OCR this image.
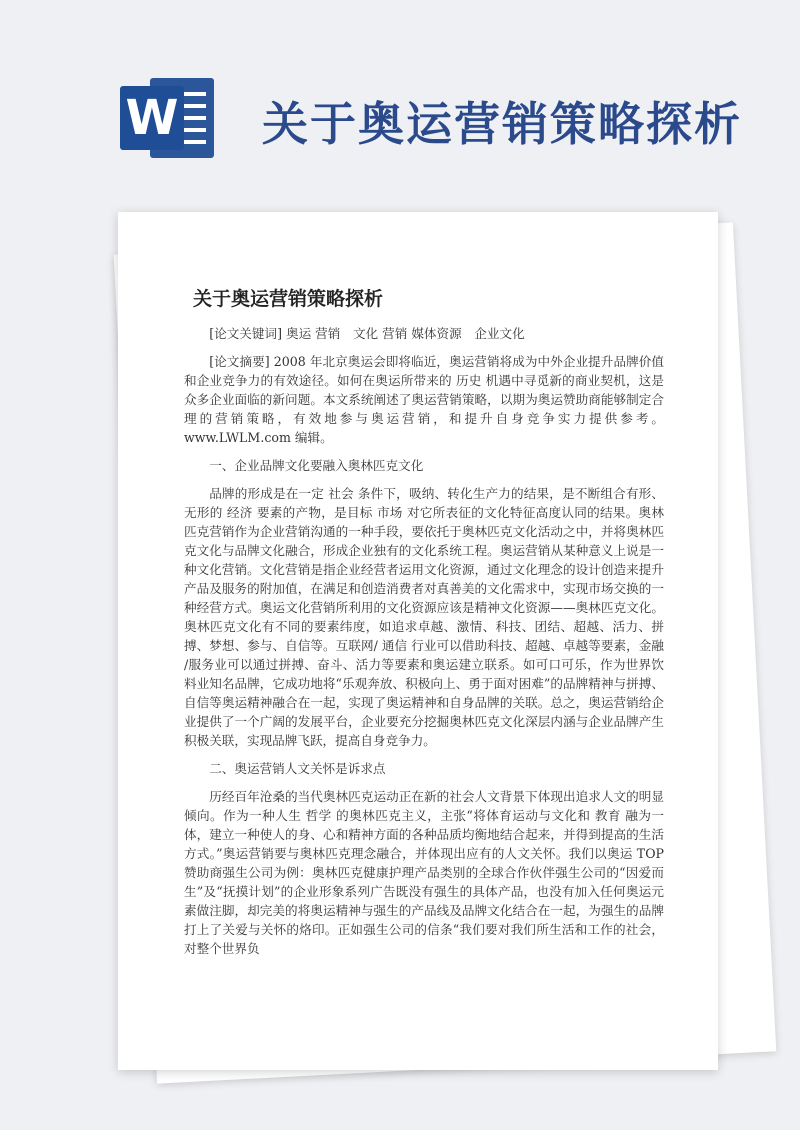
W 关于奥运营销策略探析
关于奥运营销策略探析

[论文关键词] 奥运 营销　文化 营销 媒体资源　企业文化

[论文摘要] 2008 年北京奥运会即将临近，奥运营销将成为中外企业提升品牌价值和企业竞争力的有效途径。如何在奥运所带来的 历史 机遇中寻觅新的商业契机，这是众多企业面临的新问题。本文系统阐述了奥运营销策略，以期为奥运赞助商能够制定合理的营销策略，有效地参与奥运营销，和提升自身竞争实力提供参考。 www.LWLM.com 编辑。

一、企业品牌文化要融入奥林匹克文化

品牌的形成是在一定 社会 条件下，吸纳、转化生产力的结果，是不断组合有形、无形的 经济 要素的产物，是目标 市场 对它所表征的文化特征高度认同的结果。奥林匹克营销作为企业营销沟通的一种手段，要依托于奥林匹克文化活动之中，并将奥林匹克文化与品牌文化融合，形成企业独有的文化系统工程。奥运营销从某种意义上说是一种文化营销。文化营销是指企业经营者运用文化资源，通过文化理念的设计创造来提升产品及服务的附加值，在满足和创造消费者对真善美的文化需求中，实现市场交换的一种经营方式。奥运文化营销所利用的文化资源应该是精神文化资源——奥林匹克文化。奥林匹克文化有不同的要素纬度，如追求卓越、激情、科技、团结、超越、活力、拼搏、梦想、参与、自信等。互联网/ 通信 行业可以借助科技、超越、卓越等要素，金融 /服务业可以通过拼搏、奋斗、活力等要素和奥运建立联系。如可口可乐，作为世界饮料业知名品牌，它成功地将“乐观奔放、积极向上、勇于面对困难”的品牌精神与拼搏、自信等奥运精神融合在一起，实现了奥运精神和自身品牌的关联。总之，奥运营销给企业提供了一个广阔的发展平台，企业要充分挖掘奥林匹克文化深层内涵与企业品牌产生积极关联，实现品牌飞跃，提高自身竞争力。

二、奥运营销人文关怀是诉求点

历经百年沧桑的当代奥林匹克运动正在新的社会人文背景下体现出追求人文的明显倾向。作为一种人生 哲学 的奥林匹克主义，主张“将体育运动与文化和 教育 融为一体，建立一种使人的身、心和精神方面的各种品质均衡地结合起来，并得到提高的生活方式。”奥运营销要与奥林匹克理念融合，并体现出应有的人文关怀。我们以奥运 TOP 赞助商强生公司为例：奥林匹克健康护理产品类别的全球合作伙伴强生公司的“因爱而生”及“抚摸计划”的企业形象系列广告既没有强生的具体产品，也没有加入任何奥运元素做注脚，却完美的将奥运精神与强生的产品线及品牌文化结合在一起，为强生的品牌打上了关爱与关怀的烙印。正如强生公司的信条“我们要对我们所生活和工作的社会，对整个世界负
